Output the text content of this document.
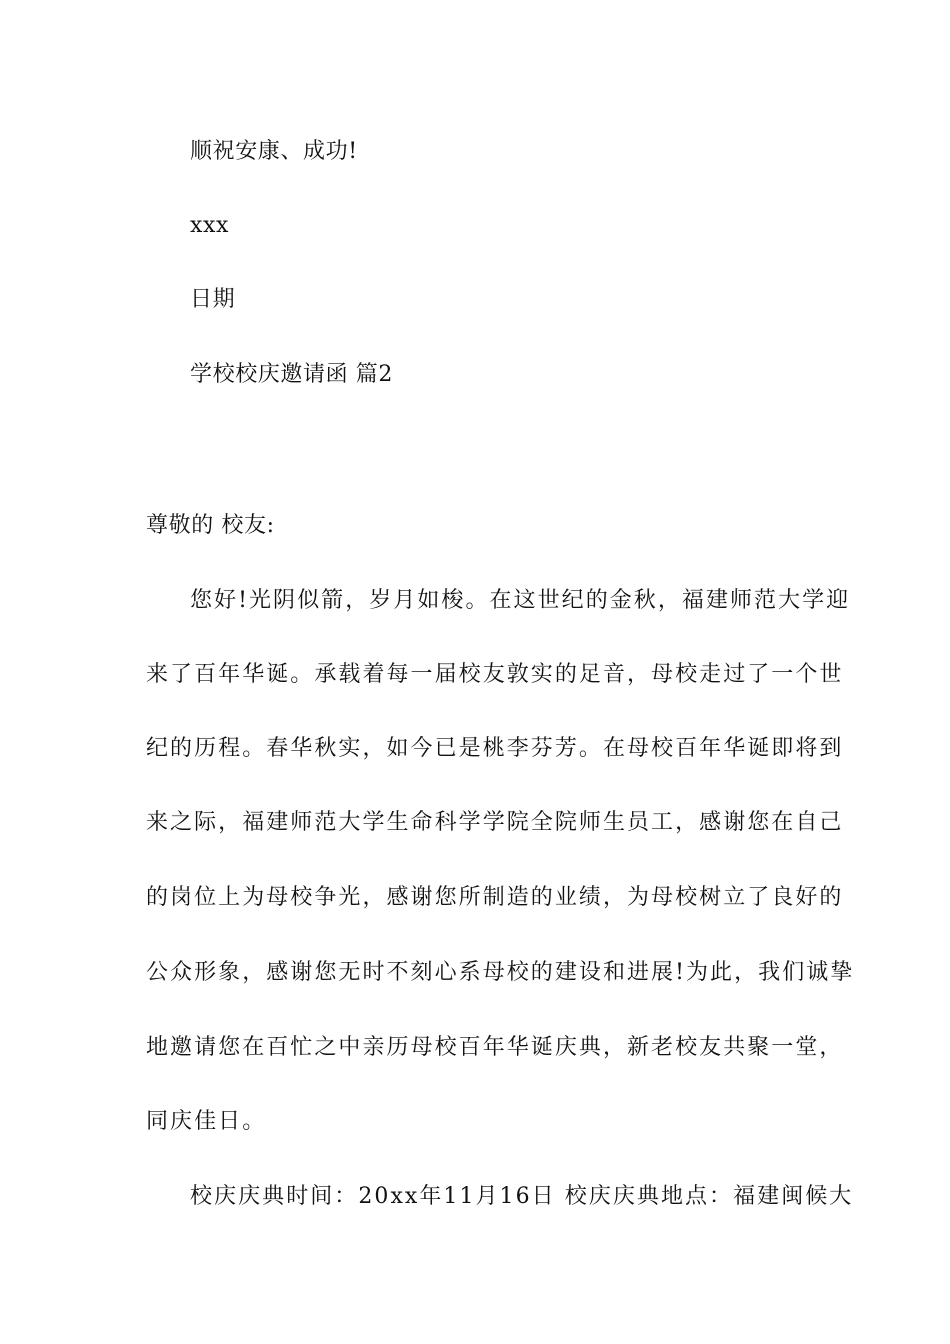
顺祝安康、成功!
xxx
日期
学校校庆邀请函 篇2
尊敬的 校友:
您好!光阴似箭，岁月如梭。在这世纪的金秋，福建师范大学迎
来了百年华诞。承载着每一届校友敦实的足音，母校走过了一个世
纪的历程。春华秋实，如今已是桃李芬芳。在母校百年华诞即将到
来之际，福建师范大学生命科学学院全院师生员工，感谢您在自己
的岗位上为母校争光，感谢您所制造的业绩，为母校树立了良好的
公众形象，感谢您无时不刻心系母校的建设和进展!为此，我们诚挚
地邀请您在百忙之中亲历母校百年华诞庆典，新老校友共聚一堂，
同庆佳日。
校庆庆典时间：20xx年11月16日 校庆庆典地点：福建闽候大
